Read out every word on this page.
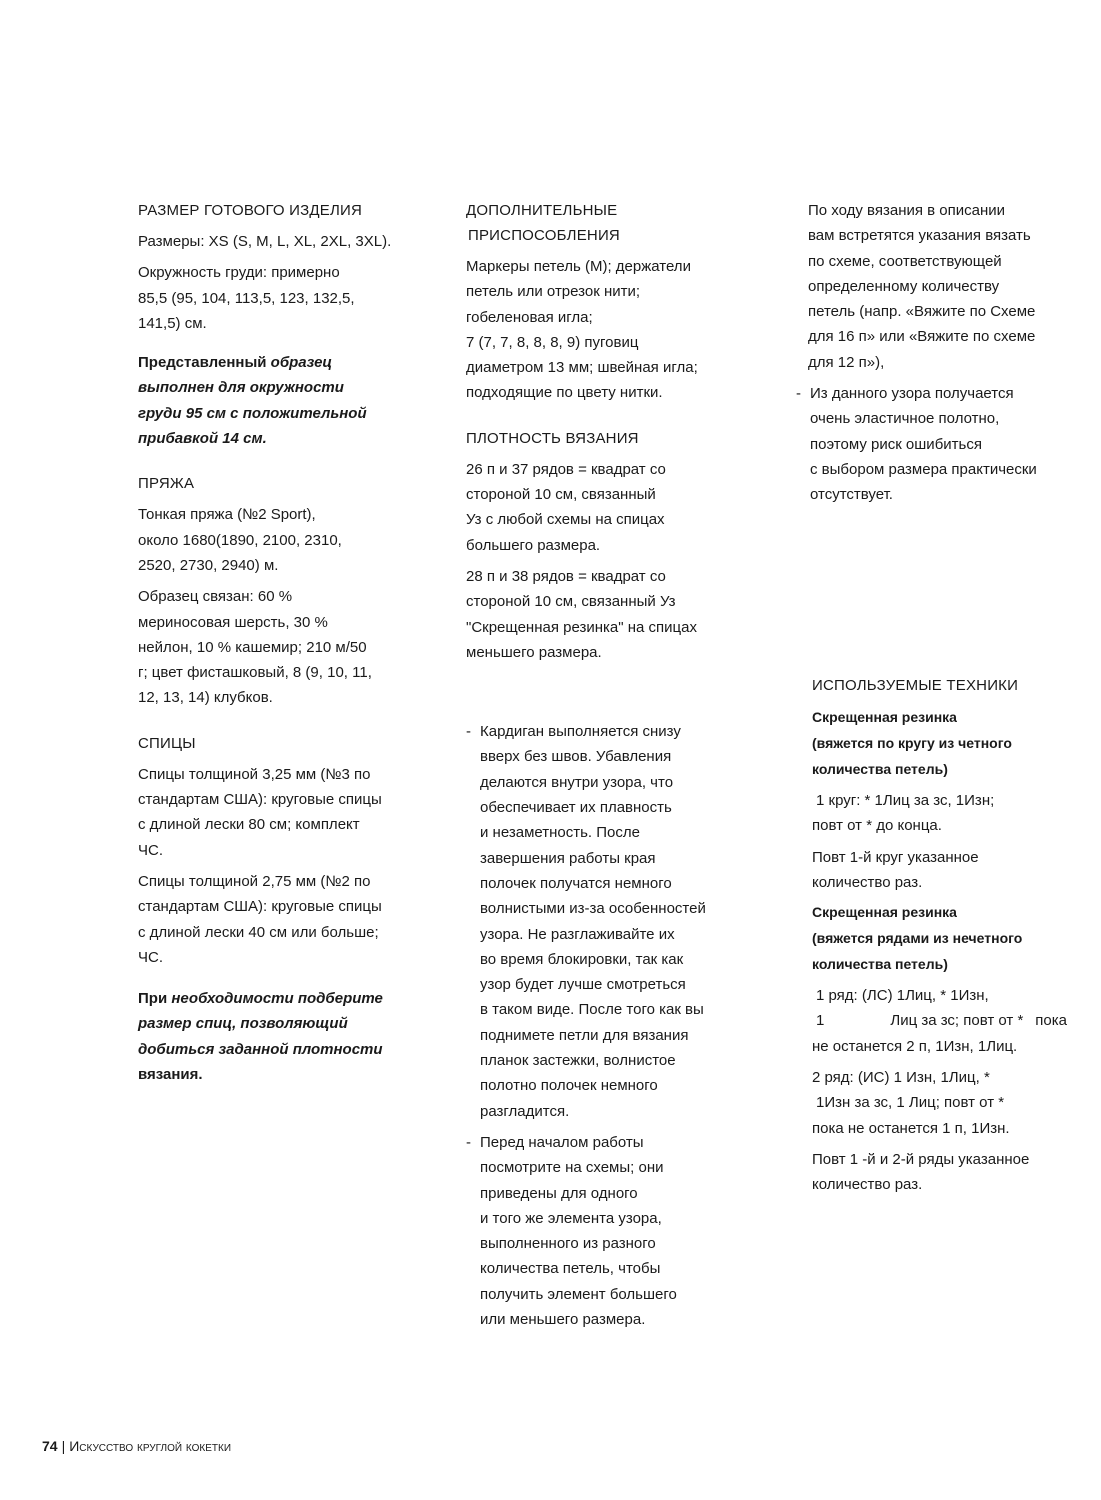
РАЗМЕР ГОТОВОГО ИЗДЕЛИЯ

Размеры: XS (S, M, L, XL, 2XL, 3XL).

Окружность груди: примерно

85,5 (95, 104, 113,5, 123, 132,5,

141,5) см.

Представленный образец

выполнен для окружности

груди 95 см с положительной

прибавкой 14 см.

ПРЯЖА

Тонкая пряжа (№2 Sport),

около 1680(1890, 2100, 2310,

2520, 2730, 2940) м.

Образец связан: 60 %

мериносовая шерсть, 30 %

нейлон, 10 % кашемир; 210 м/50

г; цвет фисташковый, 8 (9, 10, 11,

12, 13, 14) клубков.

СПИЦЫ

Спицы толщиной 3,25 мм (№3 по

стандартам США): круговые спицы

с длиной лески 80 см; комплект

ЧС.

Спицы толщиной 2,75 мм (№2 по

стандартам США): круговые спицы

с длиной лески 40 см или больше;

ЧС.

При необходимости подберите

размер спиц, позволяющий

добиться заданной плотности

вязания.

ДОПОЛНИТЕЛЬНЫЕ

ПРИСПОСОБЛЕНИЯ

Маркеры петель (М); держатели

петель или отрезок нити;

гобеленовая игла;

7 (7, 7, 8, 8, 8, 9) пуговиц

диаметром 13 мм; швейная игла;

подходящие по цвету нитки.

ПЛОТНОСТЬ ВЯЗАНИЯ

26 п и 37 рядов = квадрат со

стороной 10 см, связанный

Уз с любой схемы на спицах

большего размера.

28 п и 38 рядов = квадрат со

стороной 10 см, связанный Уз

"Скрещенная резинка" на спицах

меньшего размера.

- Кардиган выполняется снизу

вверх без швов. Убавления

делаются внутри узора, что

обеспечивает их плавность

и незаметность. После

завершения работы края

полочек получатся немного

волнистыми из-за особенностей

узора. Не разглаживайте их

во время блокировки, так как

узор будет лучше смотреться

в таком виде. После того как вы

поднимете петли для вязания

планок застежки, волнистое

полотно полочек немного

разгладится.

- Перед началом работы

посмотрите на схемы; они

приведены для одного

и того же элемента узора,

выполненного из разного

количества петель, чтобы

получить элемент большего

или меньшего размера.

По ходу вязания в описании

вам встретятся указания вязать

по схеме, соответствующей

определенному количеству

петель (напр. «Вяжите по Схеме

для 16 п» или «Вяжите по схеме

для 12 п»),

- Из данного узора получается

очень эластичное полотно,

поэтому риск ошибиться

с выбором размера практически

отсутствует.

ИСПОЛЬЗУЕМЫЕ ТЕХНИКИ

Скрещенная резинка

(вяжется по кругу из четного

количества петель)

1 круг: * 1Лиц за зс, 1Изн;

повт от * до конца.

Повт 1-й круг указанное

количество раз.

Скрещенная резинка

(вяжется рядами из нечетного

количества петель)

1 ряд: (ЛС) 1Лиц, * 1Изн,

1	Лиц за зс; повт от * пока

не останется 2 п, 1Изн, 1Лиц.

2 ряд: (ИС) 1 Изн, 1Лиц, *

1Изн за зс, 1 Лиц; повт от *

пока не останется 1 п, 1Изн.

Повт 1 -й и 2-й ряды указанное

количество раз.

74 | Искусство круглой кокетки
